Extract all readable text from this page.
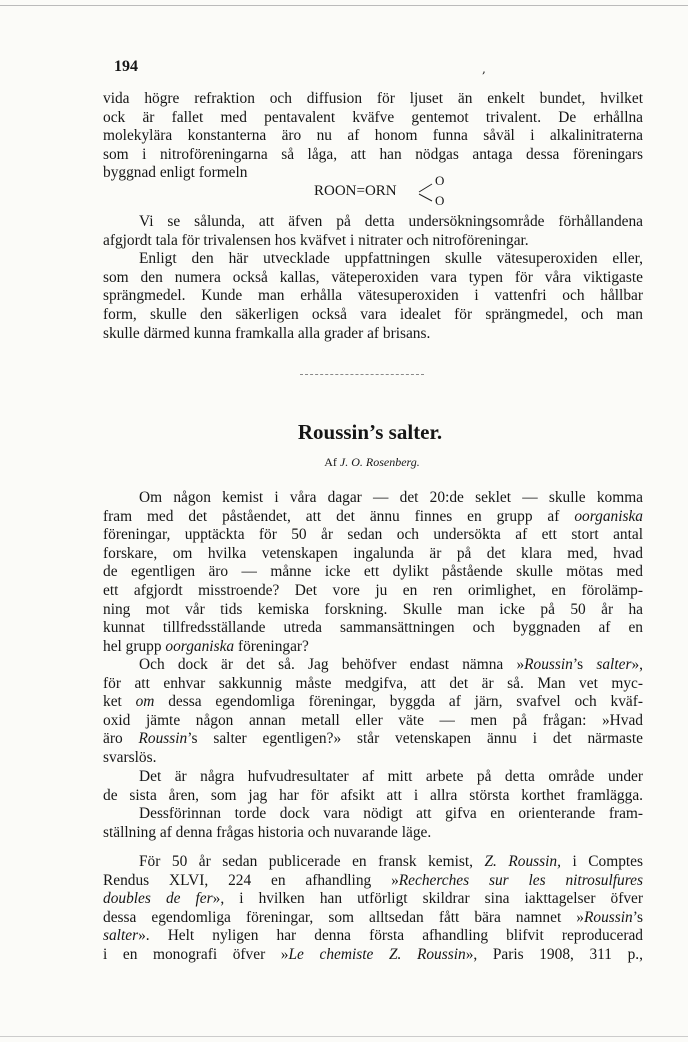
194	,
vida högre refraktion och diffusion för ljuset än enkelt bundet, hvilket
ock är fallet med pentavalent kväfve gentemot trivalent. De erhållna
molekylära konstanterna äro nu af honom funna såväl i alkalinitraterna
som i nitroföreningarna så låga, att han nödgas antaga dessa föreningars
byggnad enligt formeln
ROON=ORN
O
O
Vi se sålunda, att äfven på detta undersökningsområde förhållandena
afgjordt tala för trivalensen hos kväfvet i nitrater och nitroföreningar.
Enligt den här utvecklade uppfattningen skulle vätesuperoxiden eller,
som den numera också kallas, väteperoxiden vara typen för våra viktigaste
sprängmedel. Kunde man erhålla vätesuperoxiden i vattenfri och hållbar
form, skulle den säkerligen också vara idealet för sprängmedel, och man
skulle därmed kunna framkalla alla grader af brisans.
Roussin’s salter.
Af J. O. Rosenberg.
Om någon kemist i våra dagar — det 20:de seklet — skulle komma
fram med det påståendet, att det ännu finnes en grupp af oorganiska
föreningar, upptäckta för 50 år sedan och undersökta af ett stort antal
forskare, om hvilka vetenskapen ingalunda är på det klara med, hvad
de egentligen äro — månne icke ett dylikt påstående skulle mötas med
ett afgjordt misstroende? Det vore ju en ren orimlighet, en förolämp-
ning mot vår tids kemiska forskning. Skulle man icke på 50 år ha
kunnat tillfredsställande utreda sammansättningen och byggnaden af en
hel grupp oorganiska föreningar?
Och dock är det så. Jag behöfver endast nämna »Roussin’s salter»,
för att enhvar sakkunnig måste medgifva, att det är så. Man vet myc-
ket om dessa egendomliga föreningar, byggda af järn, svafvel och kväf-
oxid jämte någon annan metall eller väte — men på frågan: »Hvad
äro Roussin’s salter egentligen?» står vetenskapen ännu i det närmaste
svarslös.
Det är några hufvudresultater af mitt arbete på detta område under
de sista åren, som jag har för afsikt att i allra största korthet framlägga.
Dessförinnan torde dock vara nödigt att gifva en orienterande fram-
ställning af denna frågas historia och nuvarande läge.
För 50 år sedan publicerade en fransk kemist, Z. Roussin, i Comptes
Rendus XLVI, 224 en afhandling »Recherches sur les nitrosulfures
doubles de fer», i hvilken han utförligt skildrar sina iakttagelser öfver
dessa egendomliga föreningar, som alltsedan fått bära namnet »Roussin’s
salter». Helt nyligen har denna första afhandling blifvit reproducerad
i en monografi öfver »Le chemiste Z. Roussin», Paris 1908, 311 p.,
